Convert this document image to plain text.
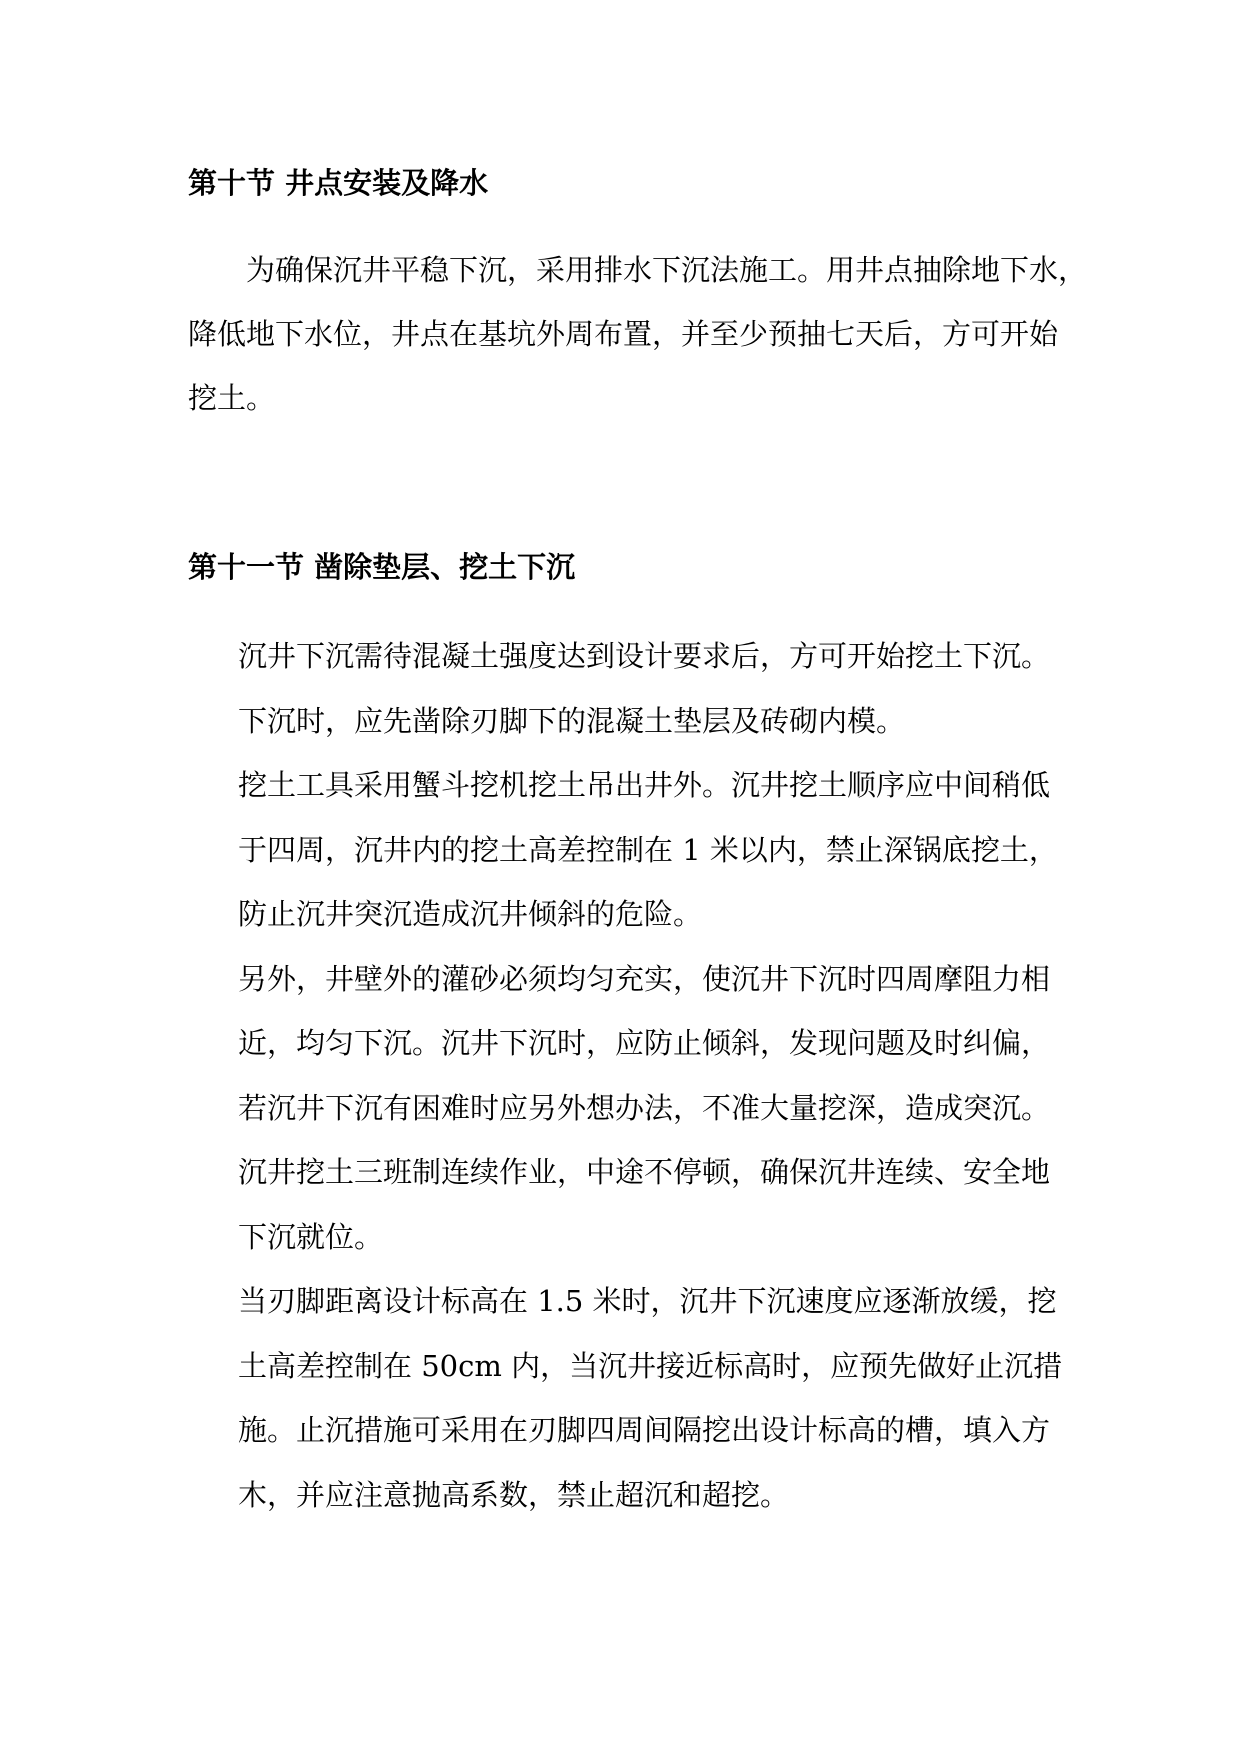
第十节 井点安装及降水

为确保沉井平稳下沉，采用排水下沉法施工。用井点抽除地下水，
降低地下水位，井点在基坑外周布置，并至少预抽七天后，方可开始
挖土。

第十一节 凿除垫层、挖土下沉
沉井下沉需待混凝土强度达到设计要求后，方可开始挖土下沉。
下沉时，应先凿除刃脚下的混凝土垫层及砖砌内模。
挖土工具采用蟹斗挖机挖土吊出井外。沉井挖土顺序应中间稍低
于四周，沉井内的挖土高差控制在 1 米以内，禁止深锅底挖土，
防止沉井突沉造成沉井倾斜的危险。
另外，井壁外的灌砂必须均匀充实，使沉井下沉时四周摩阻力相
近，均匀下沉。沉井下沉时，应防止倾斜，发现问题及时纠偏，
若沉井下沉有困难时应另外想办法，不准大量挖深，造成突沉。
沉井挖土三班制连续作业，中途不停顿，确保沉井连续、安全地
下沉就位。
当刃脚距离设计标高在 1.5 米时，沉井下沉速度应逐渐放缓，挖
土高差控制在 50cm 内，当沉井接近标高时，应预先做好止沉措
施。止沉措施可采用在刃脚四周间隔挖出设计标高的槽，填入方
木，并应注意抛高系数，禁止超沉和超挖。
